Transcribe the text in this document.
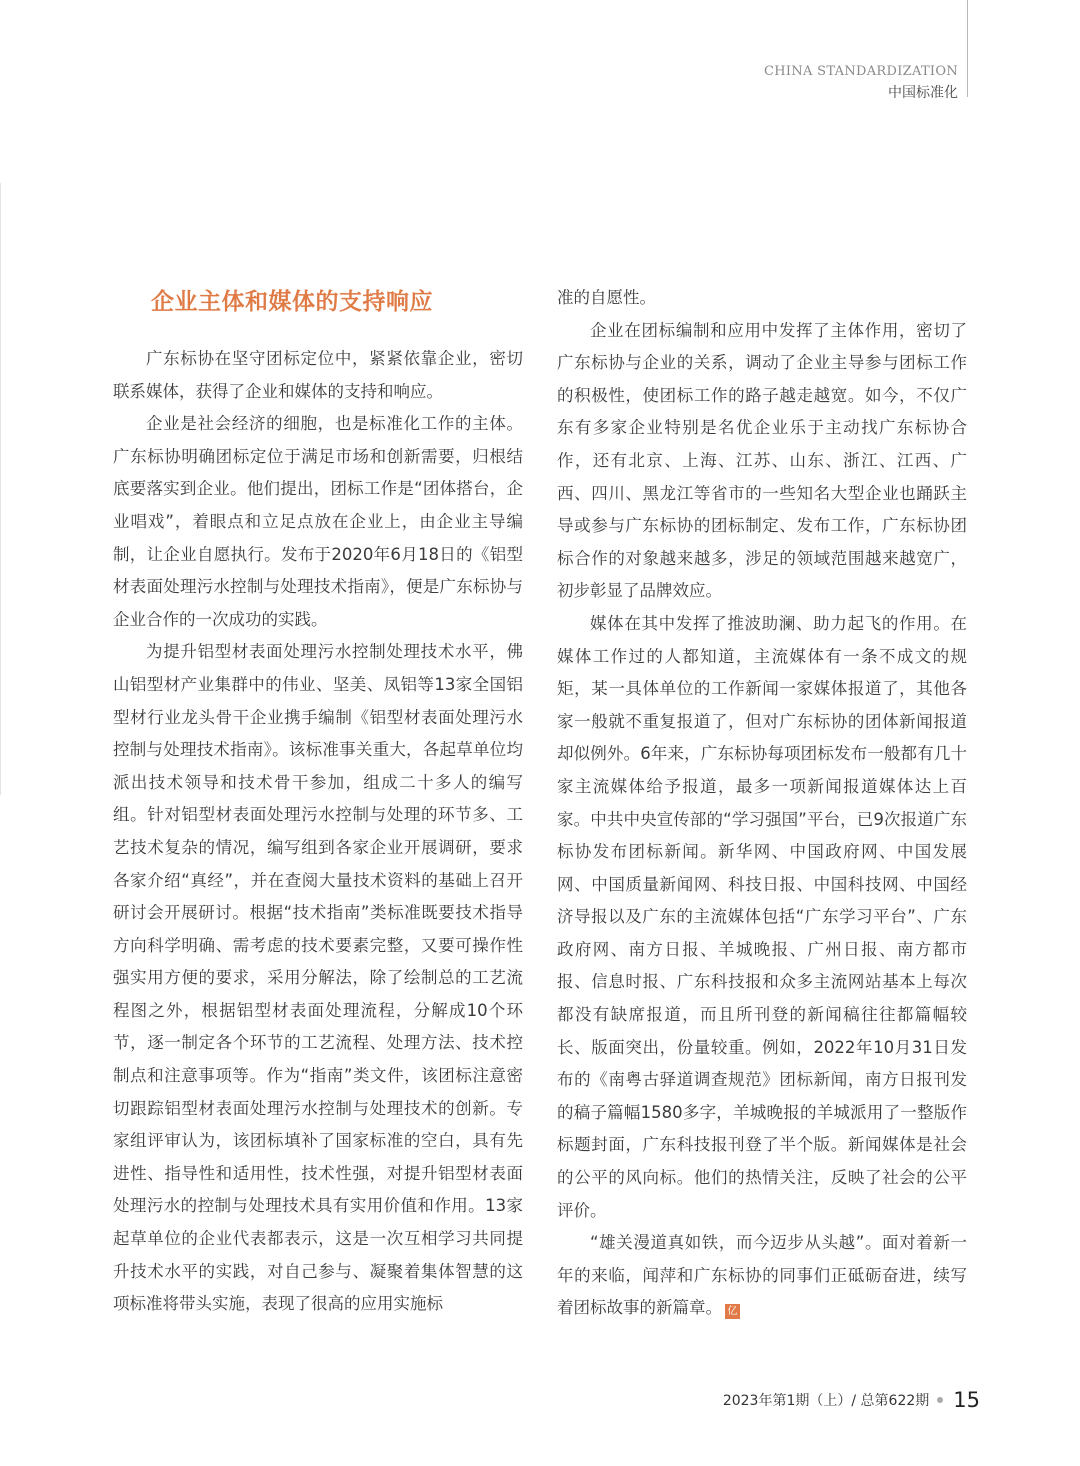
CHINA STANDARDIZATION
中国标准化
企业主体和媒体的支持响应

广东标协在坚守团标定位中，紧紧依靠企业，密切联系媒体，获得了企业和媒体的支持和响应。

企业是社会经济的细胞，也是标准化工作的主体。广东标协明确团标定位于满足市场和创新需要，归根结底要落实到企业。他们提出，团标工作是“团体搭台，企业唱戏”，着眼点和立足点放在企业上，由企业主导编制，让企业自愿执行。发布于2020年6月18日的《铝型材表面处理污水控制与处理技术指南》，便是广东标协与企业合作的一次成功的实践。

为提升铝型材表面处理污水控制处理技术水平，佛山铝型材产业集群中的伟业、坚美、凤铝等13家全国铝型材行业龙头骨干企业携手编制《铝型材表面处理污水控制与处理技术指南》。该标准事关重大，各起草单位均派出技术领导和技术骨干参加，组成二十多人的编写组。针对铝型材表面处理污水控制与处理的环节多、工艺技术复杂的情况，编写组到各家企业开展调研，要求各家介绍“真经”，并在查阅大量技术资料的基础上召开研讨会开展研讨。根据“技术指南”类标准既要技术指导方向科学明确、需考虑的技术要素完整，又要可操作性强实用方便的要求，采用分解法，除了绘制总的工艺流程图之外，根据铝型材表面处理流程，分解成10个环节，逐一制定各个环节的工艺流程、处理方法、技术控制点和注意事项等。作为“指南”类文件，该团标注意密切跟踪铝型材表面处理污水控制与处理技术的创新。专家组评审认为，该团标填补了国家标准的空白，具有先进性、指导性和适用性，技术性强，对提升铝型材表面处理污水的控制与处理技术具有实用价值和作用。13家起草单位的企业代表都表示，这是一次互相学习共同提升技术水平的实践，对自己参与、凝聚着集体智慧的这项标准将带头实施，表现了很高的应用实施标

准的自愿性。

企业在团标编制和应用中发挥了主体作用，密切了广东标协与企业的关系，调动了企业主导参与团标工作的积极性，使团标工作的路子越走越宽。如今，不仅广东有多家企业特别是名优企业乐于主动找广东标协合作，还有北京、上海、江苏、山东、浙江、江西、广西、四川、黑龙江等省市的一些知名大型企业也踊跃主导或参与广东标协的团标制定、发布工作，广东标协团标合作的对象越来越多，涉足的领域范围越来越宽广，初步彰显了品牌效应。

媒体在其中发挥了推波助澜、助力起飞的作用。在媒体工作过的人都知道，主流媒体有一条不成文的规矩，某一具体单位的工作新闻一家媒体报道了，其他各家一般就不重复报道了，但对广东标协的团体新闻报道却似例外。6年来，广东标协每项团标发布一般都有几十家主流媒体给予报道，最多一项新闻报道媒体达上百家。中共中央宣传部的“学习强国”平台，已9次报道广东标协发布团标新闻。新华网、中国政府网、中国发展网、中国质量新闻网、科技日报、中国科技网、中国经济导报以及广东的主流媒体包括“广东学习平台”、广东政府网、南方日报、羊城晚报、广州日报、南方都市报、信息时报、广东科技报和众多主流网站基本上每次都没有缺席报道，而且所刊登的新闻稿往往都篇幅较长、版面突出，份量较重。例如，2022年10月31日发布的《南粤古驿道调查规范》团标新闻，南方日报刊发的稿子篇幅1580多字，羊城晚报的羊城派用了一整版作标题封面，广东科技报刊登了半个版。新闻媒体是社会的公平的风向标。他们的热情关注，反映了社会的公平评价。

“雄关漫道真如铁，而今迈步从头越”。面对着新一年的来临，闻萍和广东标协的同事们正砥砺奋进，续写着团标故事的新篇章。 亿

2023年第1期（上）/ 总第622期 15
